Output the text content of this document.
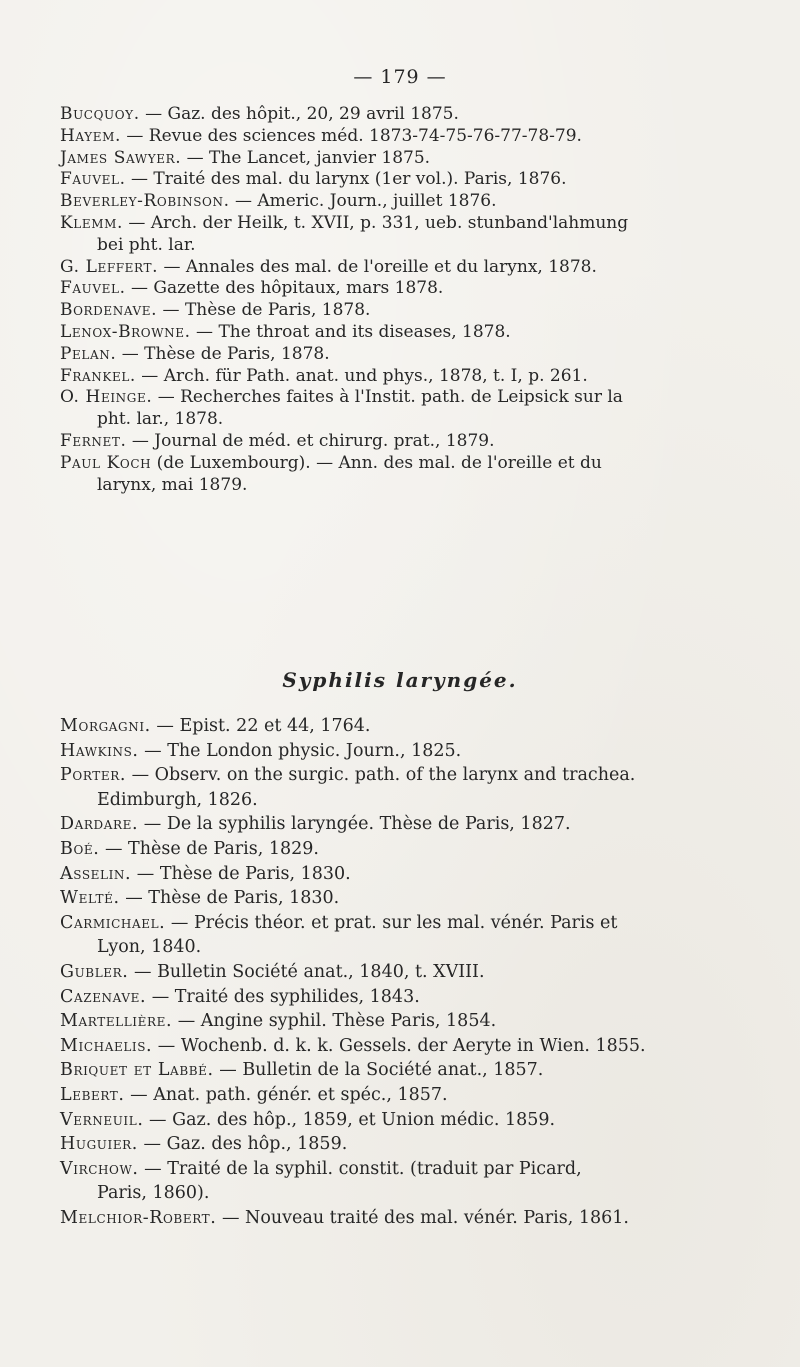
— 179 —

Bucquoy. — Gaz. des hôpit., 20, 29 avril 1875.

Hayem. — Revue des sciences méd. 1873-74-75-76-77-78-79.

James Sawyer. — The Lancet, janvier 1875.

Fauvel. — Traité des mal. du larynx (1er vol.). Paris, 1876.

Beverley-Robinson. — Americ. Journ., juillet 1876.

Klemm. — Arch. der Heilk, t. XVII, p. 331, ueb. stunband'lahmung
bei pht. lar.

G. Leffert. — Annales des mal. de l'oreille et du larynx, 1878.

Fauvel. — Gazette des hôpitaux, mars 1878.

Bordenave. — Thèse de Paris, 1878.

Lenox-Browne. — The throat and its diseases, 1878.

Pelan. — Thèse de Paris, 1878.

Frankel. — Arch. für Path. anat. und phys., 1878, t. I, p. 261.

O. Heinge. — Recherches faites à l'Instit. path. de Leipsick sur la
pht. lar., 1878.

Fernet. — Journal de méd. et chirurg. prat., 1879.

Paul Koch (de Luxembourg). — Ann. des mal. de l'oreille et du
larynx, mai 1879.

Syphilis laryngée.

Morgagni. — Epist. 22 et 44, 1764.

Hawkins. — The London physic. Journ., 1825.

Porter. — Observ. on the surgic. path. of the larynx and trachea.
Edimburgh, 1826.

Dardare. — De la syphilis laryngée. Thèse de Paris, 1827.

Boé. — Thèse de Paris, 1829.

Asselin. — Thèse de Paris, 1830.

Welté. — Thèse de Paris, 1830.

Carmichael. — Précis théor. et prat. sur les mal. vénér. Paris et
Lyon, 1840.

Gubler. — Bulletin Société anat., 1840, t. XVIII.

Cazenave. — Traité des syphilides, 1843.

Martellière. — Angine syphil. Thèse Paris, 1854.

Michaelis. — Wochenb. d. k. k. Gessels. der Aeryte in Wien. 1855.

Briquet et Labbé. — Bulletin de la Société anat., 1857.

Lebert. — Anat. path. génér. et spéc., 1857.

Verneuil. — Gaz. des hôp., 1859, et Union médic. 1859.

Huguier. — Gaz. des hôp., 1859.

Virchow. — Traité de la syphil. constit. (traduit par Picard,
Paris, 1860).

Melchior-Robert. — Nouveau traité des mal. vénér. Paris, 1861.
